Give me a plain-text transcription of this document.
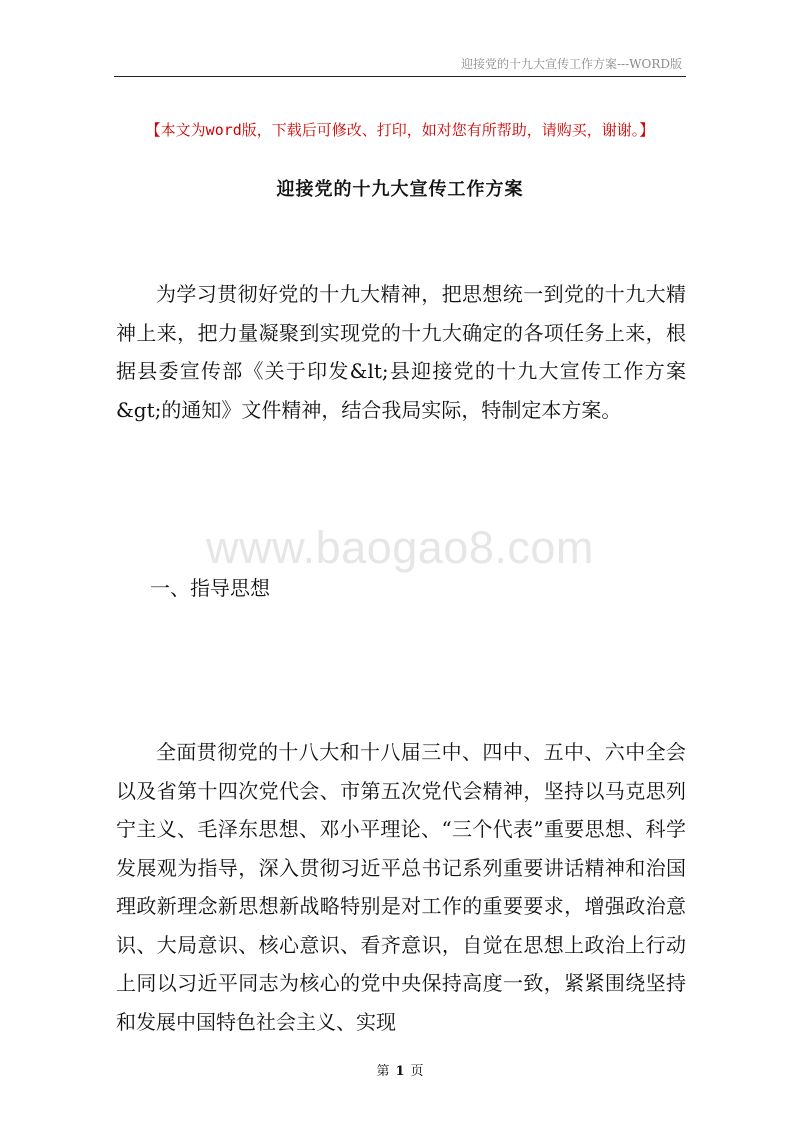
迎接党的十九大宣传工作方案---WORD版
【本文为word版，下载后可修改、打印，如对您有所帮助，请购买，谢谢。】
迎接党的十九大宣传工作方案

为学习贯彻好党的十九大精神，把思想统一到党的十九大精神上来，把力量凝聚到实现党的十九大确定的各项任务上来，根据县委宣传部《关于印发&lt;县迎接党的十九大宣传工作方案&gt;的通知》文件精神，结合我局实际，特制定本方案。

www.baogao8.com
一、指导思想

全面贯彻党的十八大和十八届三中、四中、五中、六中全会以及省第十四次党代会、市第五次党代会精神，坚持以马克思列宁主义、毛泽东思想、邓小平理论、“三个代表”重要思想、科学发展观为指导，深入贯彻习近平总书记系列重要讲话精神和治国理政新理念新思想新战略特别是对工作的重要要求，增强政治意识、大局意识、核心意识、看齐意识，自觉在思想上政治上行动上同以习近平同志为核心的党中央保持高度一致，紧紧围绕坚持和发展中国特色社会主义、实现

第 1 页
